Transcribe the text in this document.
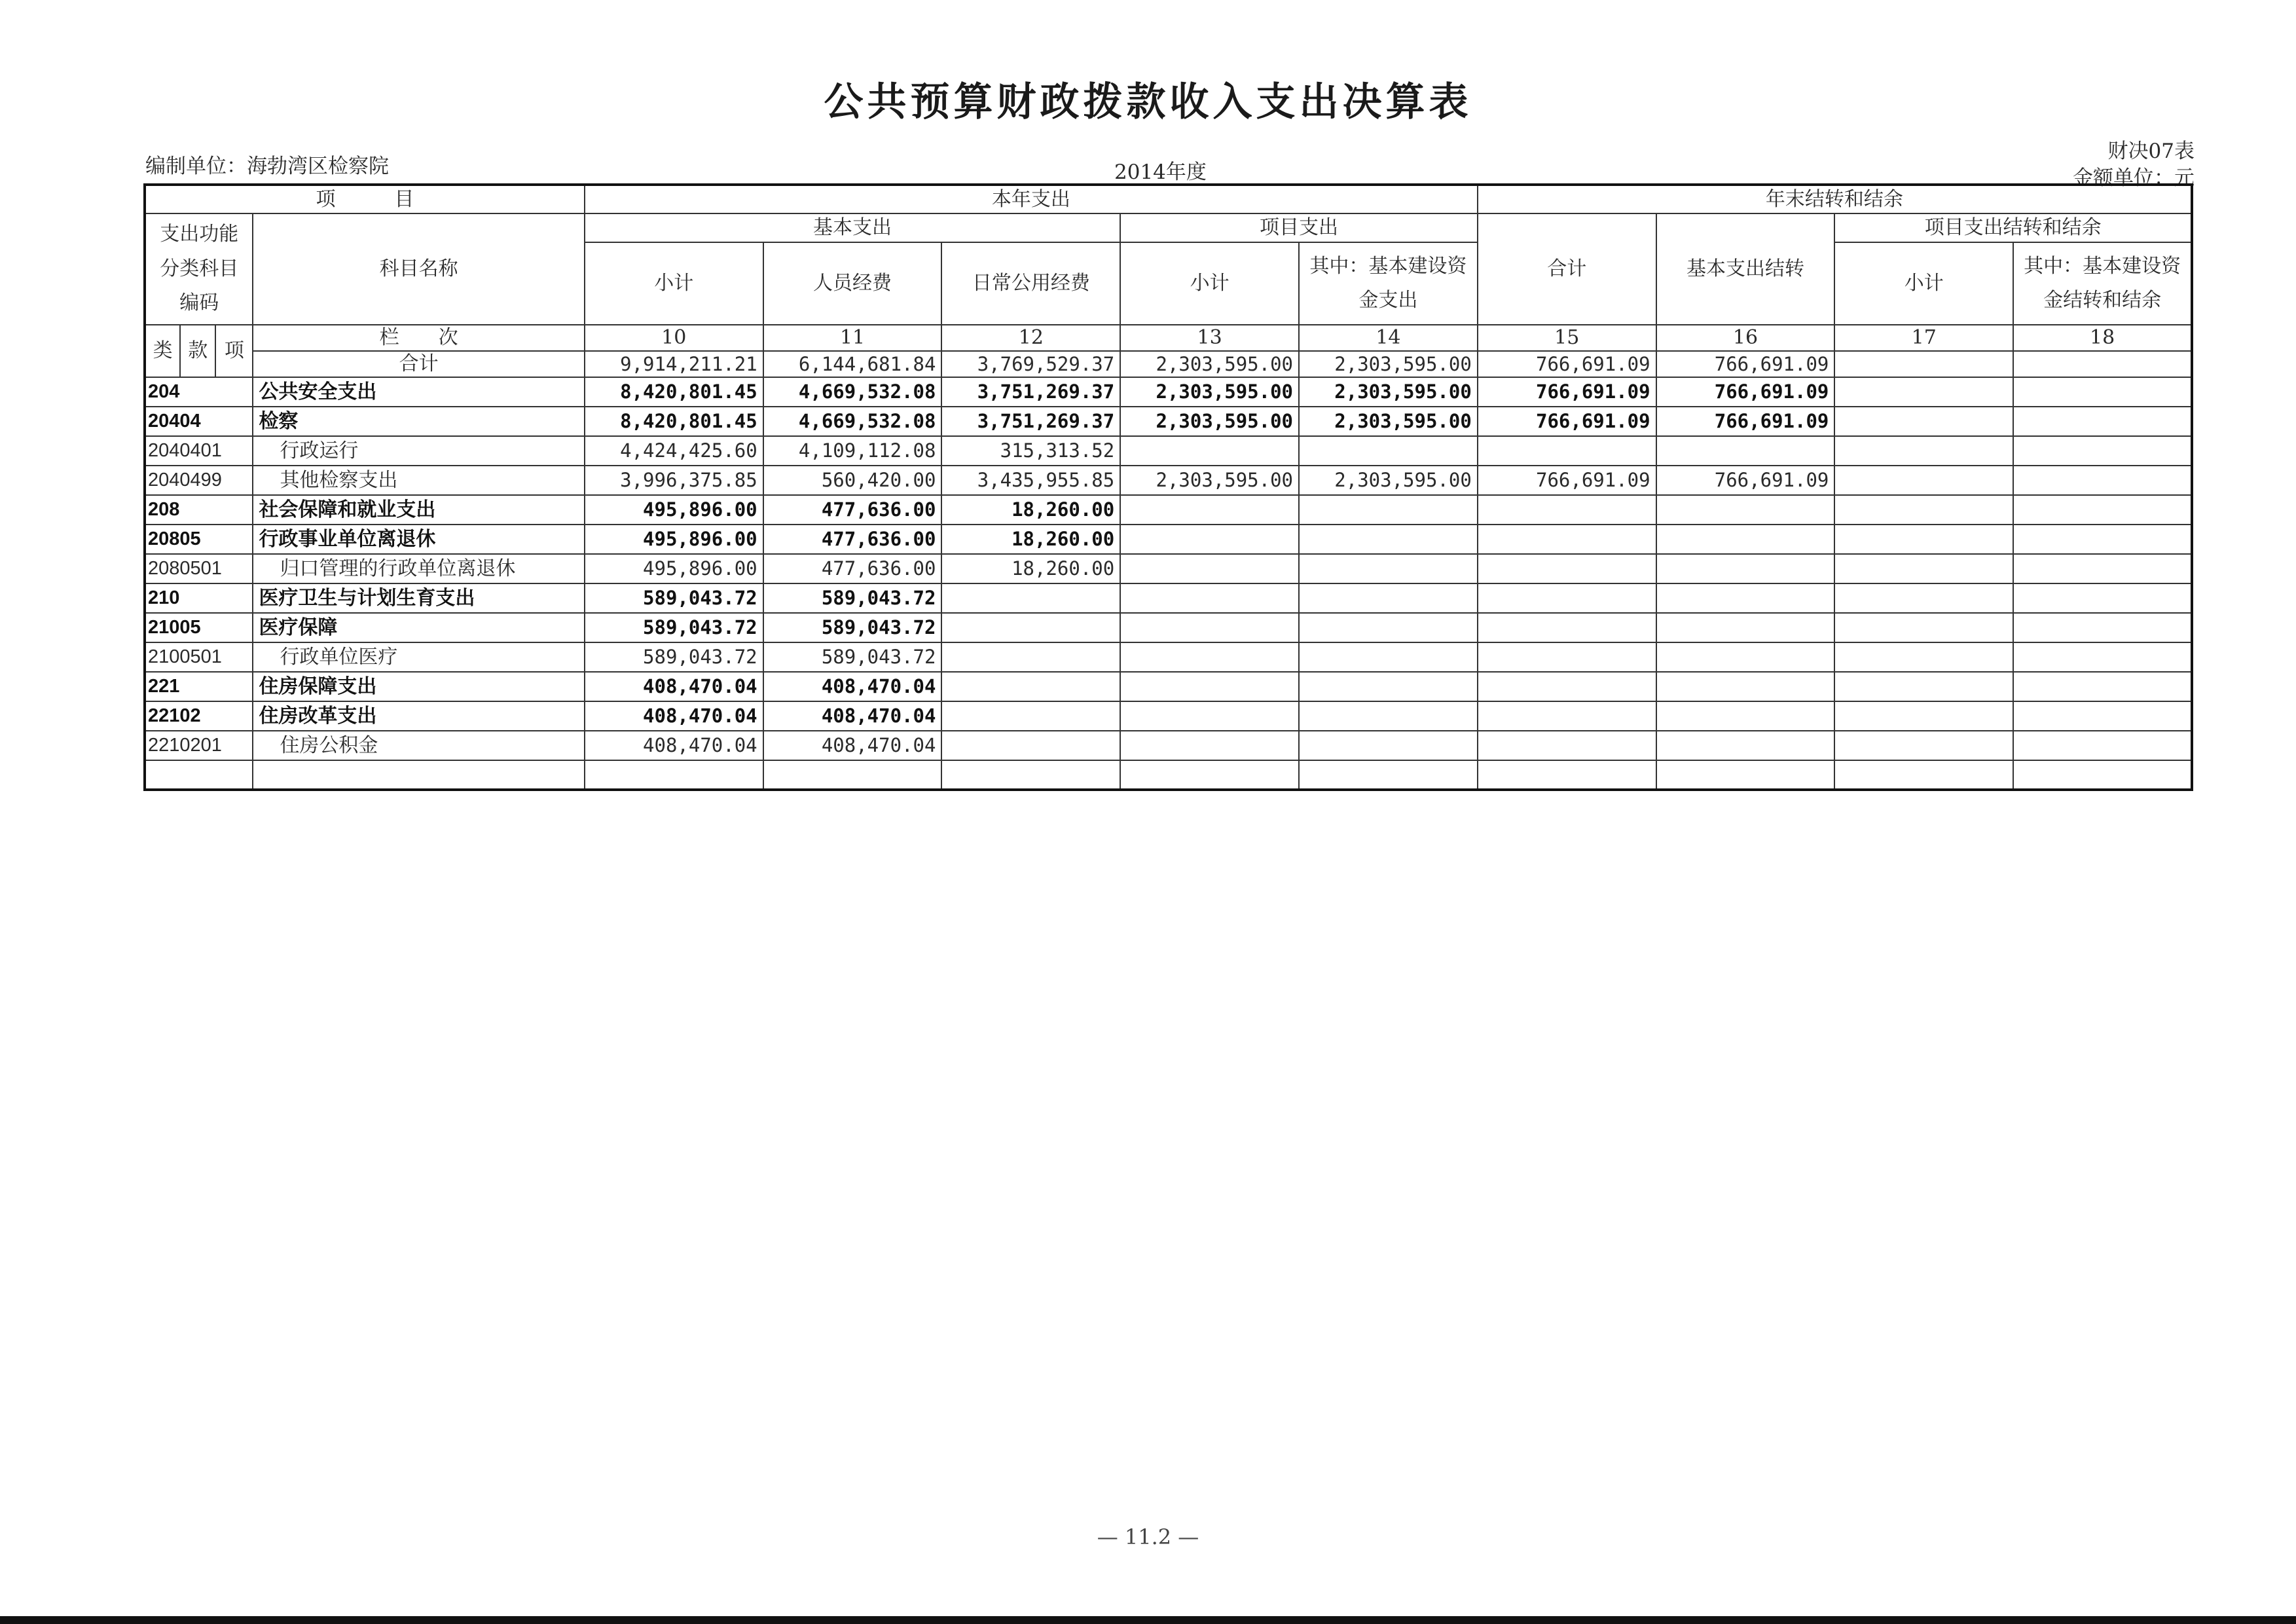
公共预算财政拨款收入支出决算表
编制单位：海勃湾区检察院	2014年度
财决07表
金额单位：元
项　　　目				本年支出					年末结转和结余			
支出功能分类科目编码			科目名称	基本支出			项目支出		合计	基本支出结转	项目支出结转和结余	
				小计	人员经费	日常公用经费	小计	其中：基本建设资金支出			小计	其中：基本建设资金结转和结余

类	款	项	栏　　次	10	11	12	13	14	15	16	17	18
			合计	9,914,211.21	6,144,681.84	3,769,529.37	2,303,595.00	2,303,595.00	766,691.09	766,691.09		
204			公共安全支出	8,420,801.45	4,669,532.08	3,751,269.37	2,303,595.00	2,303,595.00	766,691.09	766,691.09		
20404			检察	8,420,801.45	4,669,532.08	3,751,269.37	2,303,595.00	2,303,595.00	766,691.09	766,691.09		
2040401			行政运行	4,424,425.60	4,109,112.08	315,313.52						
2040499			其他检察支出	3,996,375.85	560,420.00	3,435,955.85	2,303,595.00	2,303,595.00	766,691.09	766,691.09		
208			社会保障和就业支出	495,896.00	477,636.00	18,260.00						
20805			行政事业单位离退休	495,896.00	477,636.00	18,260.00						
2080501			归口管理的行政单位离退休	495,896.00	477,636.00	18,260.00						
210			医疗卫生与计划生育支出	589,043.72	589,043.72							
21005			医疗保障	589,043.72	589,043.72							
2100501			行政单位医疗	589,043.72	589,043.72							
221			住房保障支出	408,470.04	408,470.04							
22102			住房改革支出	408,470.04	408,470.04							
2210201			住房公积金	408,470.04	408,470.04							

— 11.2 —
